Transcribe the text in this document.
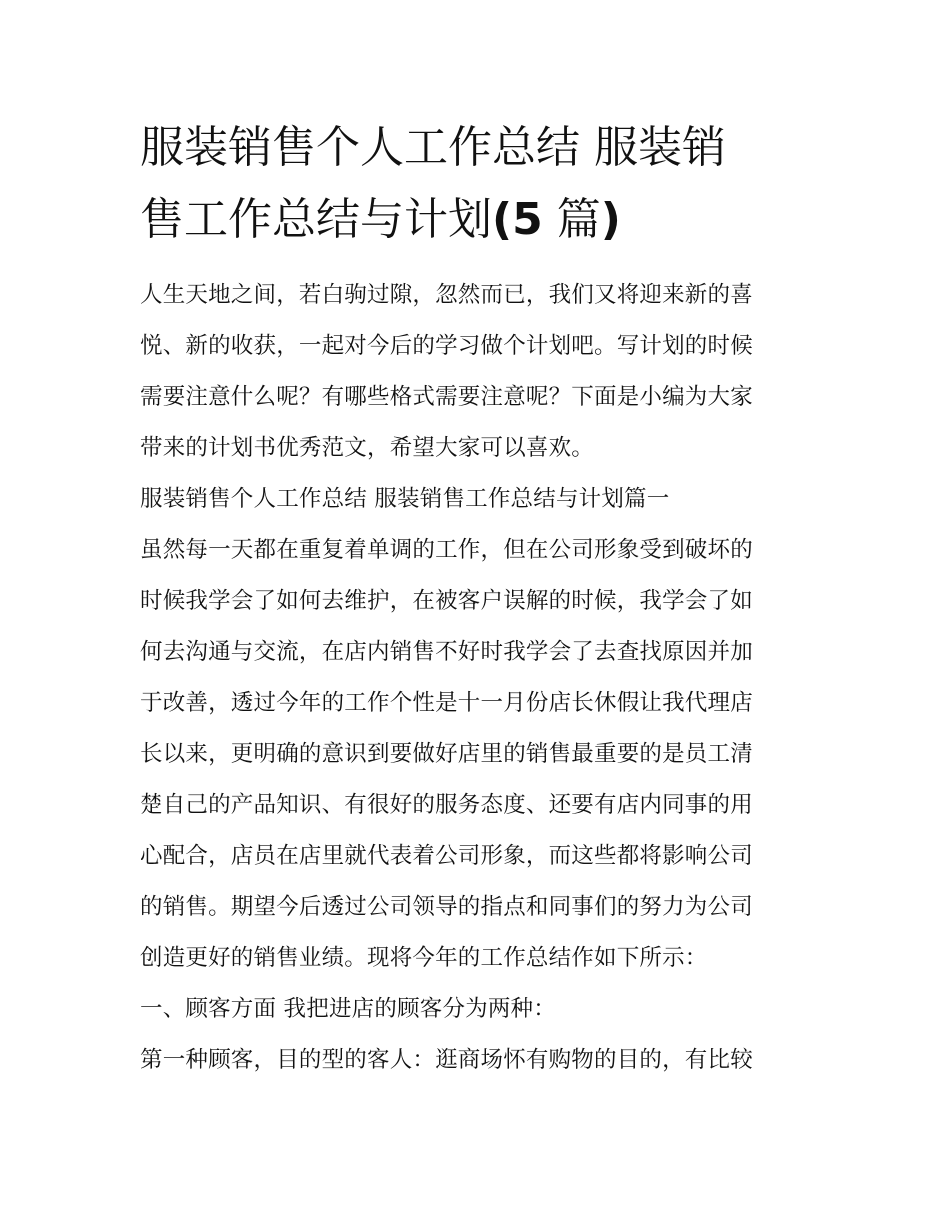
服装销售个人工作总结 服装销
售工作总结与计划(5 篇)
人生天地之间，若白驹过隙，忽然而已，我们又将迎来新的喜
悦、新的收获，一起对今后的学习做个计划吧。写计划的时候
需要注意什么呢？有哪些格式需要注意呢？下面是小编为大家
带来的计划书优秀范文，希望大家可以喜欢。
服装销售个人工作总结 服装销售工作总结与计划篇一
虽然每一天都在重复着单调的工作，但在公司形象受到破坏的
时候我学会了如何去维护，在被客户误解的时候，我学会了如
何去沟通与交流，在店内销售不好时我学会了去查找原因并加
于改善，透过今年的工作个性是十一月份店长休假让我代理店
长以来，更明确的意识到要做好店里的销售最重要的是员工清
楚自己的产品知识、有很好的服务态度、还要有店内同事的用
心配合，店员在店里就代表着公司形象，而这些都将影响公司
的销售。期望今后透过公司领导的指点和同事们的努力为公司
创造更好的销售业绩。现将今年的工作总结作如下所示：
一、顾客方面 我把进店的顾客分为两种：
第一种顾客，目的型的客人：逛商场怀有购物的目的，有比较
